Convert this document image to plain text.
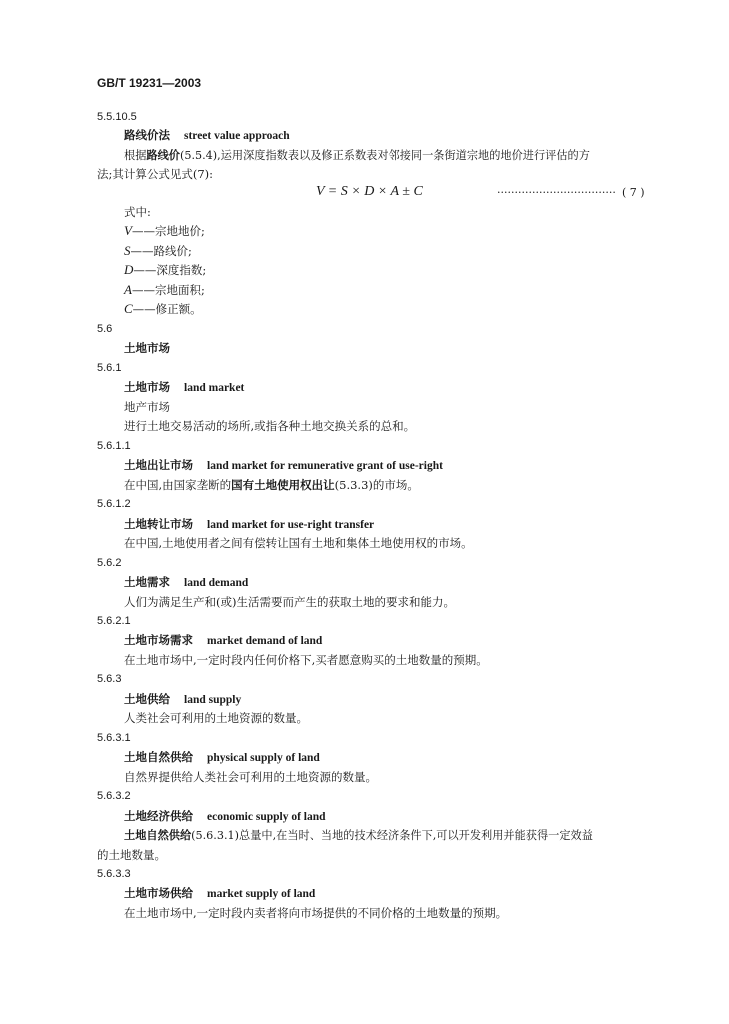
GB/T 19231—2003
5.5.10.5
路线价法 street value approach
根据路线价(5.5.4),运用深度指数表以及修正系数表对邻接同一条街道宗地的地价进行评估的方
法;其计算公式见式(7):
V = S × D × A ± C	·································· ( 7 )
式中:
V——宗地地价;
S——路线价;
D——深度指数;
A——宗地面积;
C——修正额。
5.6
土地市场
5.6.1
土地市场 land market
地产市场
进行土地交易活动的场所,或指各种土地交换关系的总和。
5.6.1.1
土地出让市场 land market for remunerative grant of use-right
在中国,由国家垄断的国有土地使用权出让(5.3.3)的市场。
5.6.1.2
土地转让市场 land market for use-right transfer
在中国,土地使用者之间有偿转让国有土地和集体土地使用权的市场。
5.6.2
土地需求 land demand
人们为满足生产和(或)生活需要而产生的获取土地的要求和能力。
5.6.2.1
土地市场需求 market demand of land
在土地市场中,一定时段内任何价格下,买者愿意购买的土地数量的预期。
5.6.3
土地供给 land supply
人类社会可利用的土地资源的数量。
5.6.3.1
土地自然供给 physical supply of land
自然界提供给人类社会可利用的土地资源的数量。
5.6.3.2
土地经济供给 economic supply of land
土地自然供给(5.6.3.1)总量中,在当时、当地的技术经济条件下,可以开发利用并能获得一定效益
的土地数量。
5.6.3.3
土地市场供给 market supply of land
在土地市场中,一定时段内卖者将向市场提供的不同价格的土地数量的预期。
